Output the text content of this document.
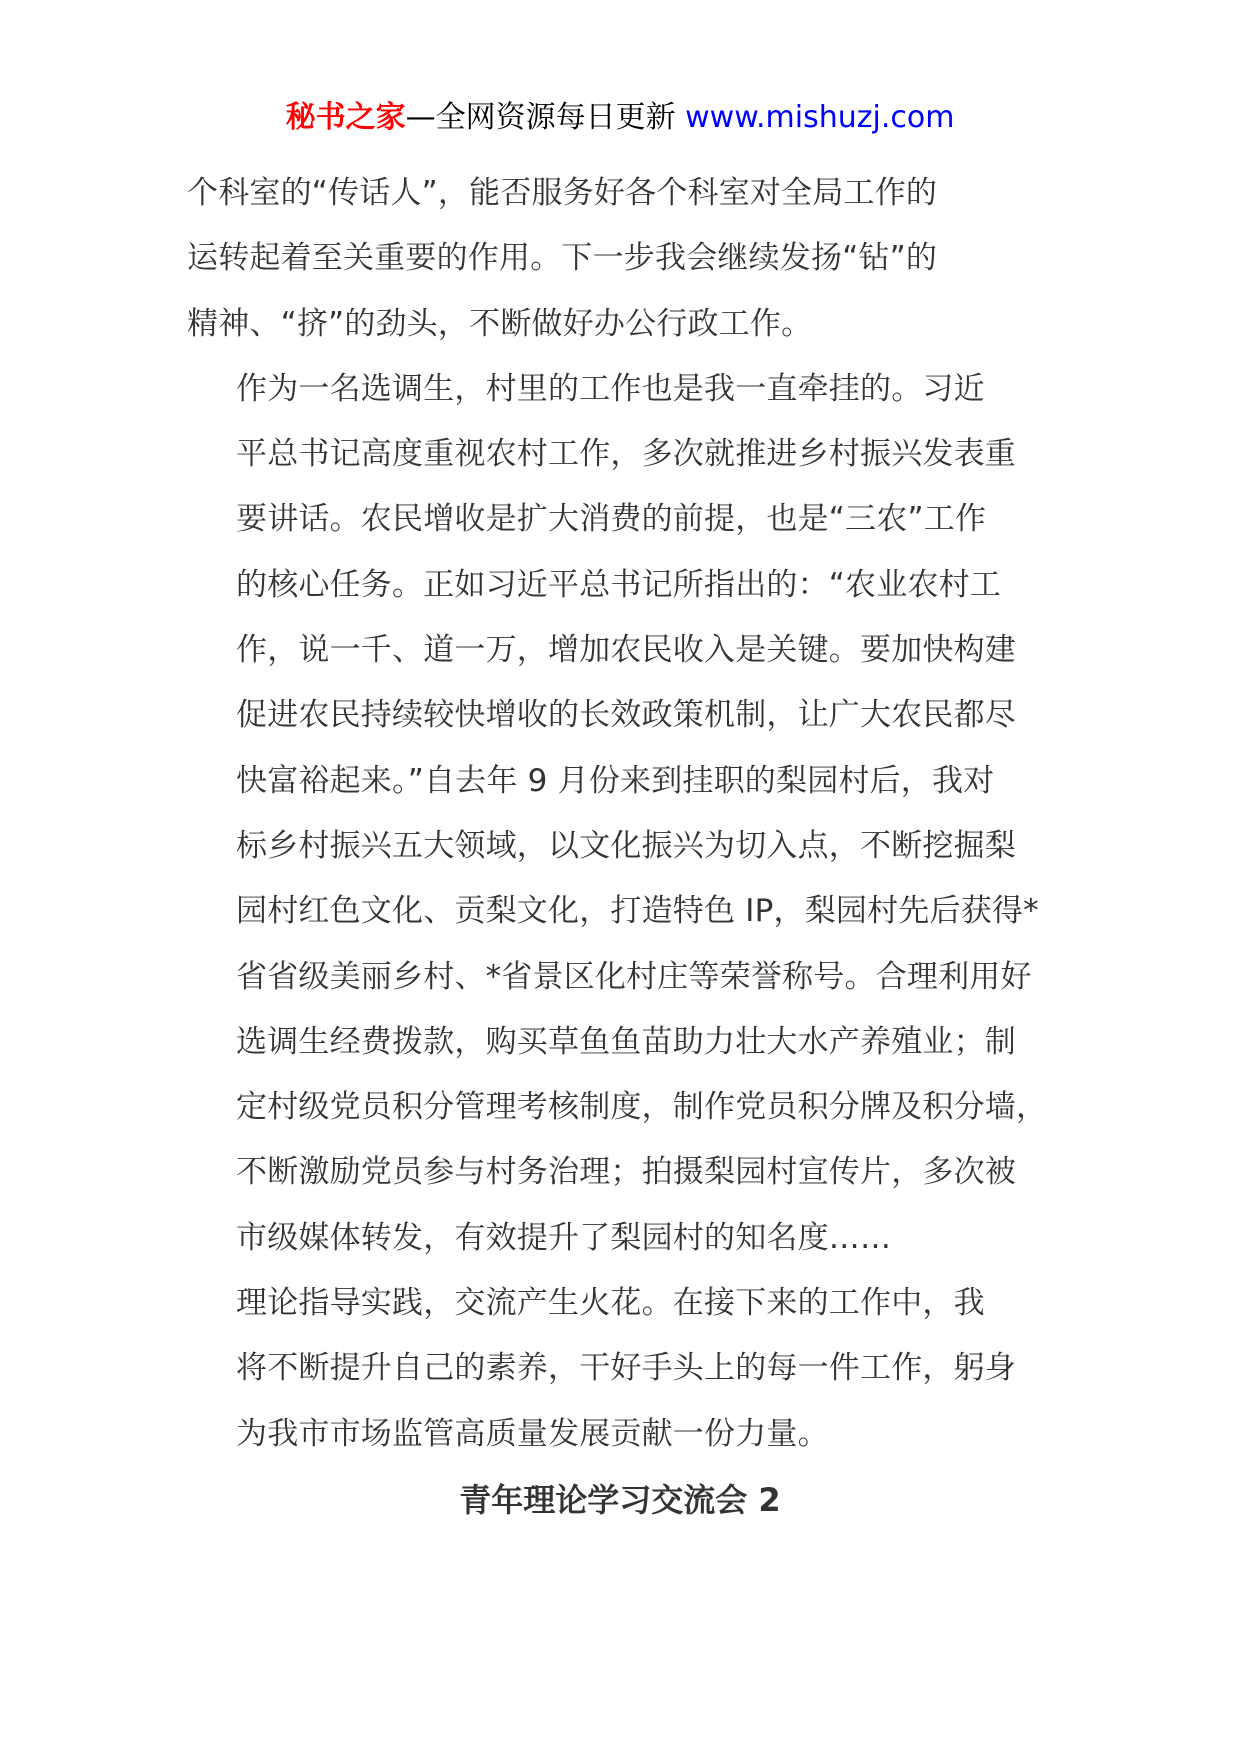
秘书之家—全网资源每日更新 www.mishuzj.com

个科室的“传话人”，能否服务好各个科室对全局工作的
运转起着至关重要的作用。下一步我会继续发扬“钻”的
精神、“挤”的劲头，不断做好办公行政工作。

作为一名选调生，村里的工作也是我一直牵挂的。习近
平总书记高度重视农村工作，多次就推进乡村振兴发表重
要讲话。农民增收是扩大消费的前提，也是“三农”工作
的核心任务。正如习近平总书记所指出的：“农业农村工
作，说一千、道一万，增加农民收入是关键。要加快构建
促进农民持续较快增收的长效政策机制，让广大农民都尽
快富裕起来。”自去年 9 月份来到挂职的梨园村后，我对
标乡村振兴五大领域，以文化振兴为切入点，不断挖掘梨
园村红色文化、贡梨文化，打造特色 IP，梨园村先后获得*
省省级美丽乡村、*省景区化村庄等荣誉称号。合理利用好
选调生经费拨款，购买草鱼鱼苗助力壮大水产养殖业；制
定村级党员积分管理考核制度，制作党员积分牌及积分墙，
不断激励党员参与村务治理；拍摄梨园村宣传片，多次被
市级媒体转发，有效提升了梨园村的知名度……

理论指导实践，交流产生火花。在接下来的工作中，我
将不断提升自己的素养，干好手头上的每一件工作，躬身
为我市市场监管高质量发展贡献一份力量。

青年理论学习交流会 2
